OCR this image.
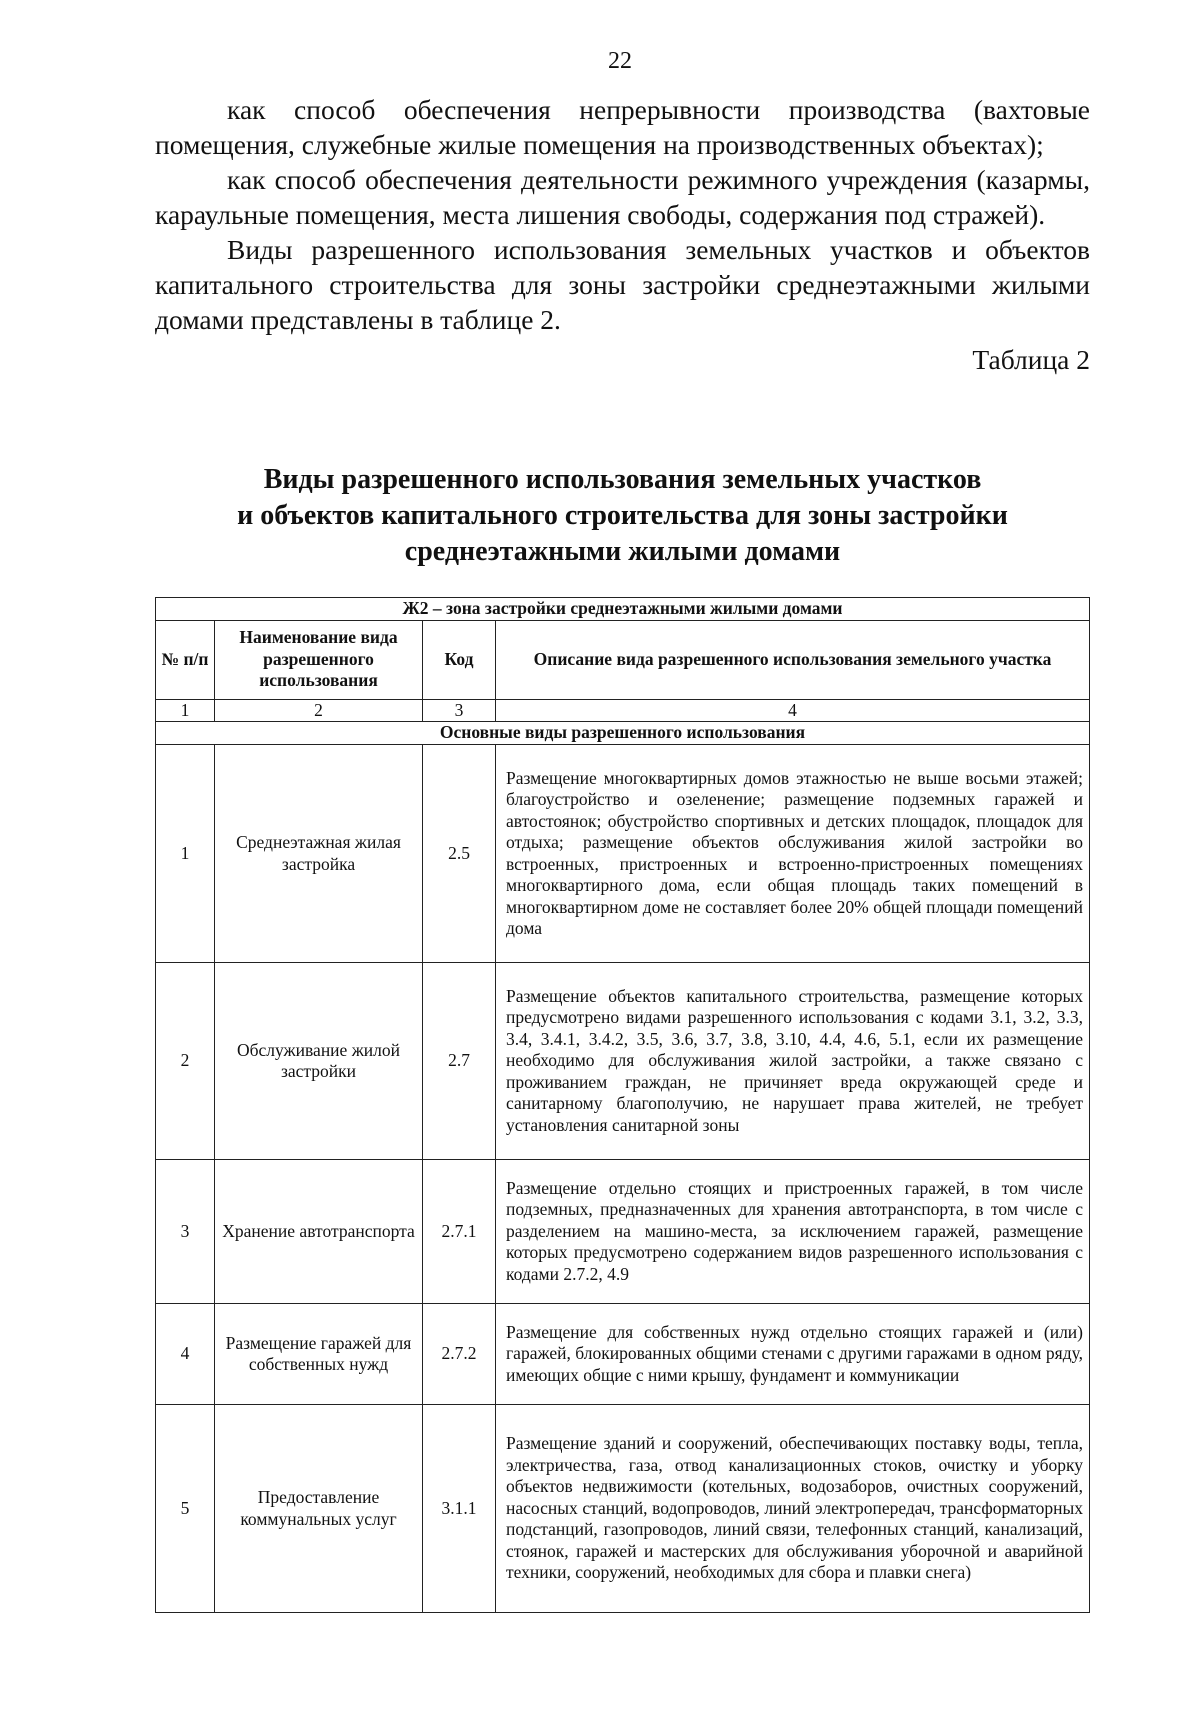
22

как способ обеспечения непрерывности производства (вахтовые помещения, служебные жилые помещения на производственных объектах);

как способ обеспечения деятельности режимного учреждения (казармы, караульные помещения, места лишения свободы, содержания под стражей).

Виды разрешенного использования земельных участков и объектов капитального строительства для зоны застройки среднеэтажными жилыми домами представлены в таблице 2.

Таблица 2
Виды разрешенного использования земельных участков
и объектов капитального строительства для зоны застройки
среднеэтажными жилыми домами
Ж2 – зона застройки среднеэтажными жилыми домами			
№ п/п	Наименование вида разрешенного использования	Код	Описание вида разрешенного использования земельного участка
1	2	3	4
Основные виды разрешенного использования			
1	Среднеэтажная жилая застройка	2.5	Размещение многоквартирных домов этажностью не выше восьми этажей; благоустройство и озеленение; размещение подземных гаражей и автостоянок; обустройство спортивных и детских площадок, площадок для отдыха; размещение объектов обслуживания жилой застройки во встроенных, пристроенных и встроенно-пристроенных помещениях многоквартирного дома, если общая площадь таких помещений в многоквартирном доме не составляет более 20% общей площади помещений дома
2	Обслуживание жилой застройки	2.7	Размещение объектов капитального строительства, размещение которых предусмотрено видами разрешенного использования с кодами 3.1, 3.2, 3.3, 3.4, 3.4.1, 3.4.2, 3.5, 3.6, 3.7, 3.8, 3.10, 4.4, 4.6, 5.1, если их размещение необходимо для обслуживания жилой застройки, а также связано с проживанием граждан, не причиняет вреда окружающей среде и санитарному благополучию, не нарушает права жителей, не требует установления санитарной зоны
3	Хранение автотранспорта	2.7.1	Размещение отдельно стоящих и пристроенных гаражей, в том числе подземных, предназначенных для хранения автотранспорта, в том числе с разделением на машино-места, за исключением гаражей, размещение которых предусмотрено содержанием видов разрешенного использования с кодами 2.7.2, 4.9
4	Размещение гаражей для собственных нужд	2.7.2	Размещение для собственных нужд отдельно стоящих гаражей и (или) гаражей, блокированных общими стенами с другими гаражами в одном ряду, имеющих общие с ними крышу, фундамент и коммуникации
5	Предоставление коммунальных услуг	3.1.1	Размещение зданий и сооружений, обеспечивающих поставку воды, тепла, электричества, газа, отвод канализационных стоков, очистку и уборку объектов недвижимости (котельных, водозаборов, очистных сооружений, насосных станций, водопроводов, линий электропередач, трансформаторных подстанций, газопроводов, линий связи, телефонных станций, канализаций, стоянок, гаражей и мастерских для обслуживания уборочной и аварийной техники, сооружений, необходимых для сбора и плавки снега)
